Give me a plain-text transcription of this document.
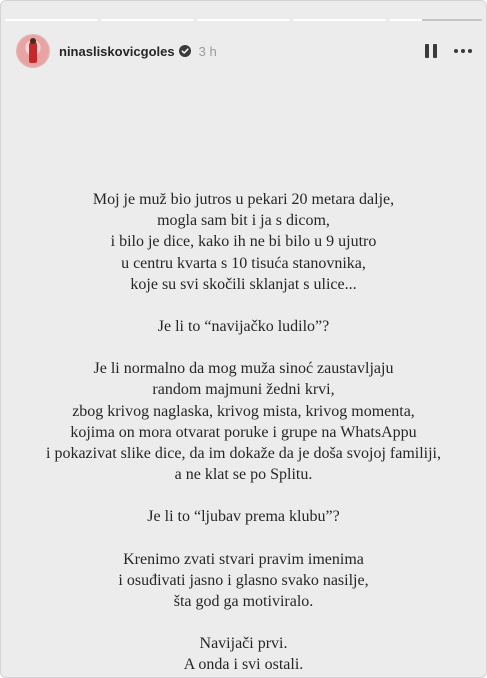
ninasliskovicgoles 3 h

Moj je muž bio jutros u pekari 20 metara dalje,
mogla sam bit i ja s dicom,
i bilo je dice, kako ih ne bi bilo u 9 ujutro
u centru kvarta s 10 tisuća stanovnika,
koje su svi skočili sklanjat s ulice...

Je li to “navijačko ludilo”?

Je li normalno da mog muža sinoć zaustavljaju
random majmuni žedni krvi,
zbog krivog naglaska, krivog mista, krivog momenta,
kojima on mora otvarat poruke i grupe na WhatsAppu
i pokazivat slike dice, da im dokaže da je doša svojoj familiji,
a ne klat se po Splitu.

Je li to “ljubav prema klubu”?

Krenimo zvati stvari pravim imenima
i osuđivati jasno i glasno svako nasilje,
šta god ga motiviralo.

Navijači prvi.
A onda i svi ostali.
